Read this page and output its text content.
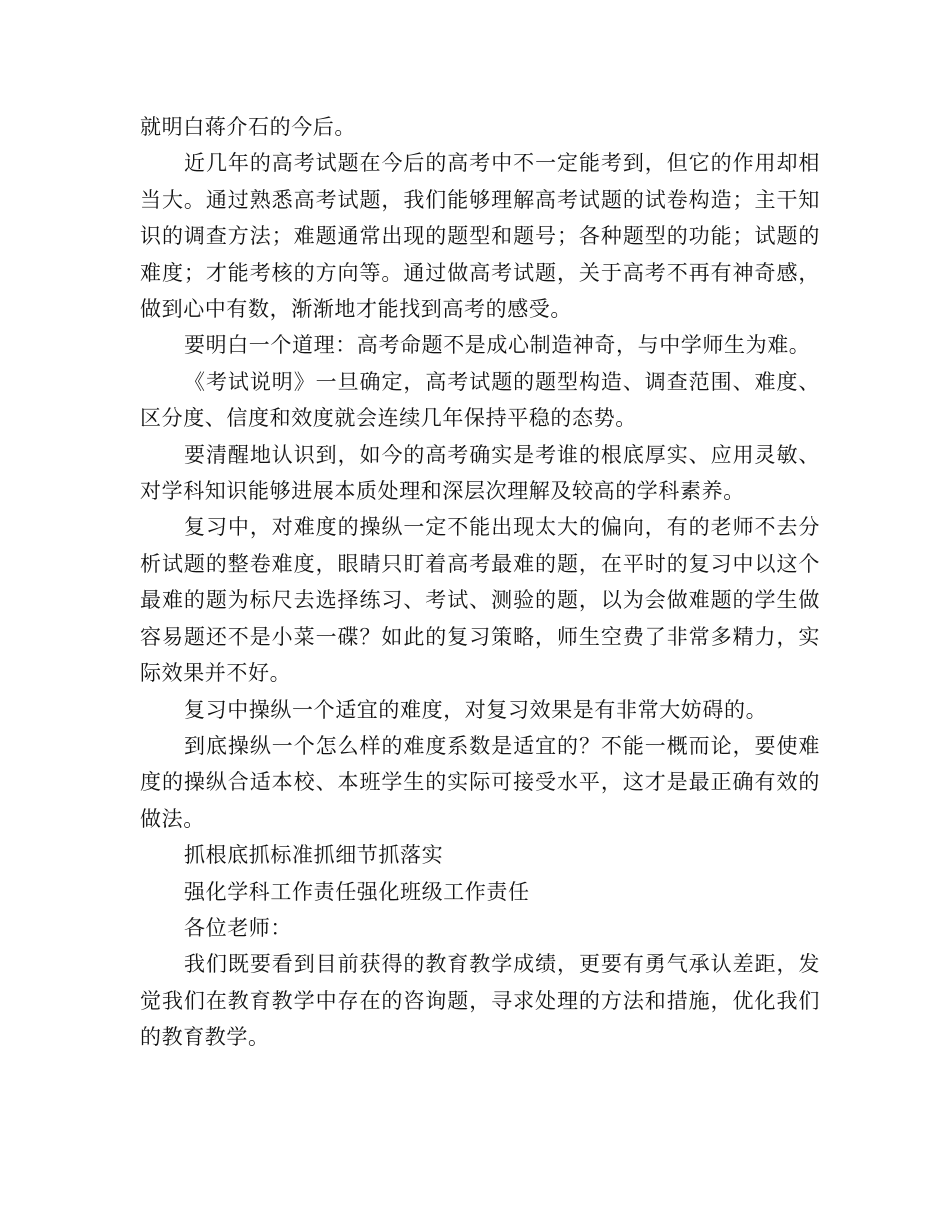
就明白蒋介石的今后。

近几年的高考试题在今后的高考中不一定能考到，但它的作用却相当大。通过熟悉高考试题，我们能够理解高考试题的试卷构造；主干知识的调查方法；难题通常出现的题型和题号；各种题型的功能；试题的难度；才能考核的方向等。通过做高考试题，关于高考不再有神奇感，做到心中有数，渐渐地才能找到高考的感受。

要明白一个道理：高考命题不是成心制造神奇，与中学师生为难。

《考试说明》一旦确定，高考试题的题型构造、调查范围、难度、区分度、信度和效度就会连续几年保持平稳的态势。

要清醒地认识到，如今的高考确实是考谁的根底厚实、应用灵敏、对学科知识能够进展本质处理和深层次理解及较高的学科素养。

复习中，对难度的操纵一定不能出现太大的偏向，有的老师不去分析试题的整卷难度，眼睛只盯着高考最难的题，在平时的复习中以这个最难的题为标尺去选择练习、考试、测验的题，以为会做难题的学生做容易题还不是小菜一碟？如此的复习策略，师生空费了非常多精力，实际效果并不好。

复习中操纵一个适宜的难度，对复习效果是有非常大妨碍的。

到底操纵一个怎么样的难度系数是适宜的？不能一概而论，要使难度的操纵合适本校、本班学生的实际可接受水平，这才是最正确有效的做法。

抓根底抓标准抓细节抓落实

强化学科工作责任强化班级工作责任

各位老师：

我们既要看到目前获得的教育教学成绩，更要有勇气承认差距，发觉我们在教育教学中存在的咨询题，寻求处理的方法和措施，优化我们的教育教学。
